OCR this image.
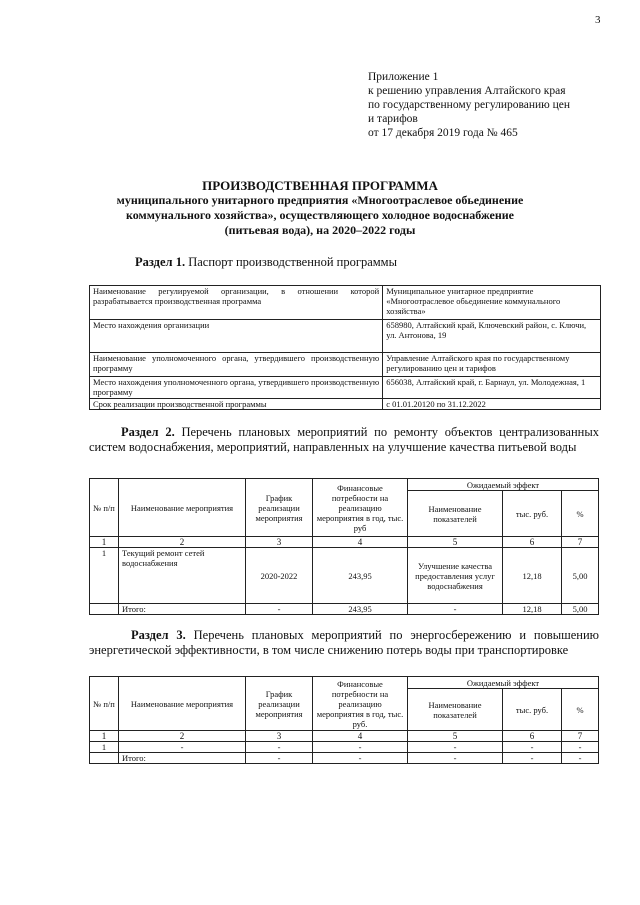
3
Приложение 1
к решению управления Алтайского края
по государственному регулированию цен
и тарифов
от 17 декабря 2019 года № 465
ПРОИЗВОДСТВЕННАЯ ПРОГРАММА
муниципального унитарного предприятия «Многоотраслевое обьединение
коммунального хозяйства», осуществляющего холодное водоснабжение
(питьевая вода), на 2020–2022 годы
Раздел 1. Паспорт производственной программы
Наименование регулируемой организации, в отношении которой разрабатывается производственная программа	Муниципальное унитарное предприятие «Многоотраслевое обьединение коммунального хозяйства»
Место нахождения организации	658980, Алтайский край, Ключевский район, с. Ключи, ул. Антонова, 19
Наименование уполномоченного органа, утвердившего производственную программу	Управление Алтайского края по государственному регулированию цен и тарифов
Место нахождения уполномоченного органа, утвердившего производственную программу	656038, Алтайский край, г. Барнаул, ул. Молодежная, 1
Срок реализации производственной программы	с 01.01.20120 по 31.12.2022
Раздел 2. Перечень плановых мероприятий по ремонту объектов централизованных систем водоснабжения, мероприятий, направленных на улучшение качества питьевой воды
№ п/п	Наименование мероприятия	График реализации мероприятия	Финансовые потребности на реализацию мероприятия в год, тыс. руб	Ожидаемый эффект		
				Наименование показателей	тыс. руб.	%
1	2	3	4	5	6	7
1	Текущий ремонт сетей водоснабжения	2020-2022	243,95	Улучшение качества предоставления услуг водоснабжения	12,18	5,00
	Итого:	-	243,95	-	12,18	5,00
Раздел 3. Перечень плановых мероприятий по энергосбережению и повышению энергетической эффективности, в том числе снижению потерь воды при транспортировке
№ п/п	Наименование мероприятия	График реализации мероприятия	Финансовые потребности на реализацию мероприятия в год, тыс. руб.	Ожидаемый эффект		
				Наименование показателей	тыс. руб.	%
1	2	3	4	5	6	7
1	-	-	-	-	-	-
	Итого:	-	-	-	-	-
